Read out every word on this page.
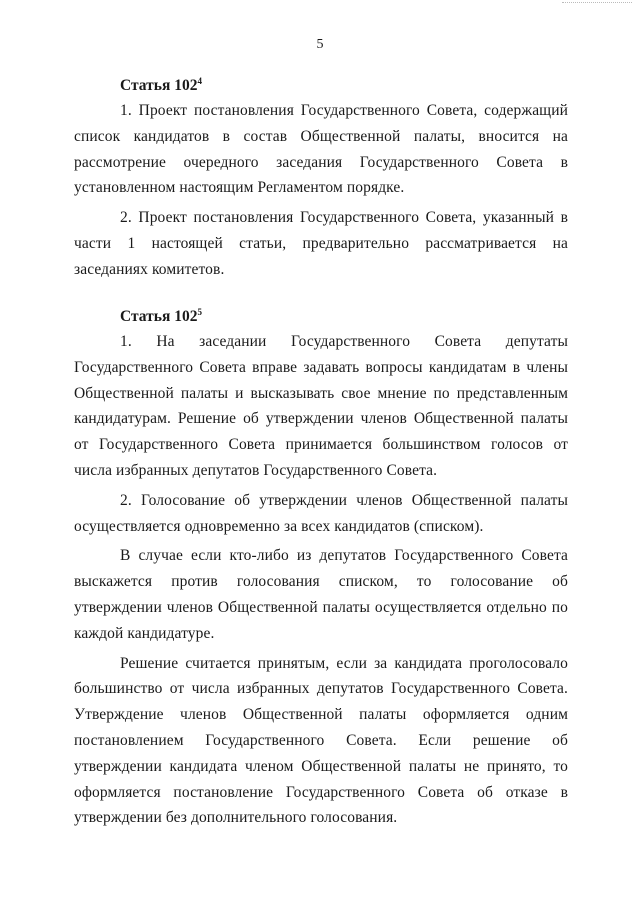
5
Статья $102^4$

1. Проект постановления Государственного Совета, содержащий список кандидатов в состав Общественной палаты, вносится на рассмотрение очередного заседания Государственного Совета в установленном настоящим Регламентом порядке.

2. Проект постановления Государственного Совета, указанный в части 1 настоящей статьи, предварительно рассматривается на заседаниях комитетов.

Статья $102^5$

1. На заседании Государственного Совета депутаты Государственного Совета вправе задавать вопросы кандидатам в члены Общественной палаты и высказывать свое мнение по представленным кандидатурам. Решение об утверждении членов Общественной палаты от Государственного Совета принимается большинством голосов от числа избранных депутатов Государственного Совета.

2. Голосование об утверждении членов Общественной палаты осуществляется одновременно за всех кандидатов (списком).

В случае если кто-либо из депутатов Государственного Совета выскажется против голосования списком, то голосование об утверждении членов Общественной палаты осуществляется отдельно по каждой кандидатуре.

Решение считается принятым, если за кандидата проголосовало большинство от числа избранных депутатов Государственного Совета. Утверждение членов Общественной палаты оформляется одним постановлением Государственного Совета. Если решение об утверждении кандидата членом Общественной палаты не принято, то оформляется постановление Государственного Совета об отказе в утверждении без дополнительного голосования.
